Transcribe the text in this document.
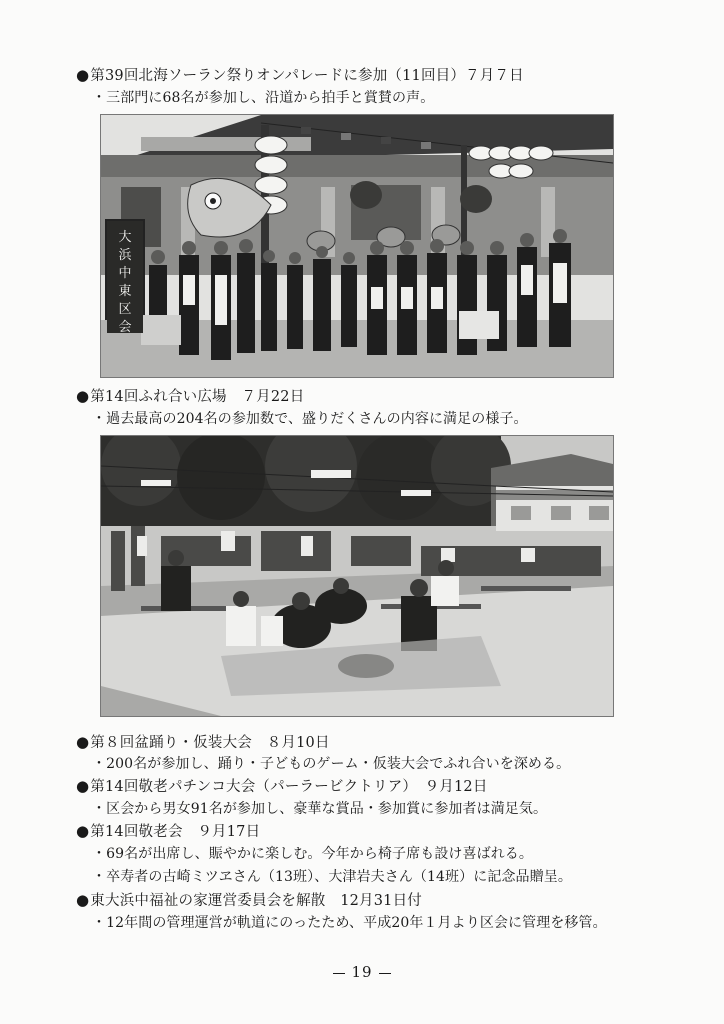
●第39回北海ソーラン祭りオンパレードに参加（11回目）７月７日
・三部門に68名が参加し、沿道から拍手と賞賛の声。
大
浜
中
東
区
会
●第14回ふれ合い広場　７月22日
・過去最高の204名の参加数で、盛りだくさんの内容に満足の様子。
●第８回盆踊り・仮装大会　８月10日
・200名が参加し、踊り・子どものゲーム・仮装大会でふれ合いを深める。
●第14回敬老パチンコ大会（パーラービクトリア）　９月12日
・区会から男女91名が参加し、豪華な賞品・参加賞に参加者は満足気。
●第14回敬老会　９月17日
・69名が出席し、賑やかに楽しむ。今年から椅子席も設け喜ばれる。
・卒寿者の古崎ミツヱさん（13班）、大津岩夫さん（14班）に記念品贈呈。
●東大浜中福祉の家運営委員会を解散　12月31日付
・12年間の管理運営が軌道にのったため、平成20年１月より区会に管理を移管。
19
